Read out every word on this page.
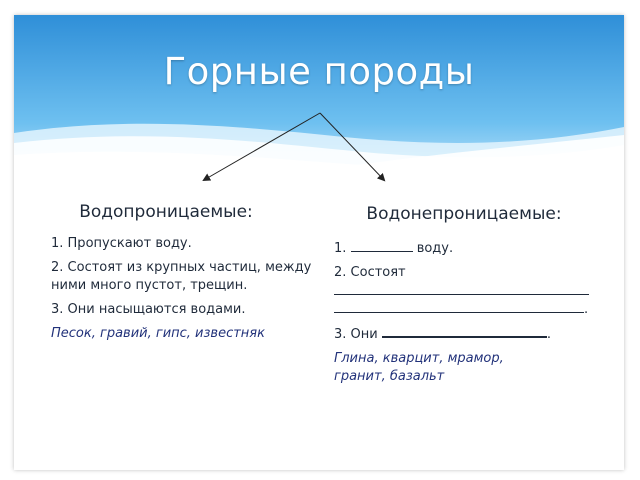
Горные породы
Водопроницаемые:
1. Пропускают воду.
2. Состоят из крупных частиц, между ними много пустот, трещин.
3. Они насыщаются водами.
Песок, гравий, гипс, известняк
Водонепроницаемые:
1.	воду.
2. Состоят
.
3. Они	.
Глина, кварцит, мрамор, гранит, базальт
